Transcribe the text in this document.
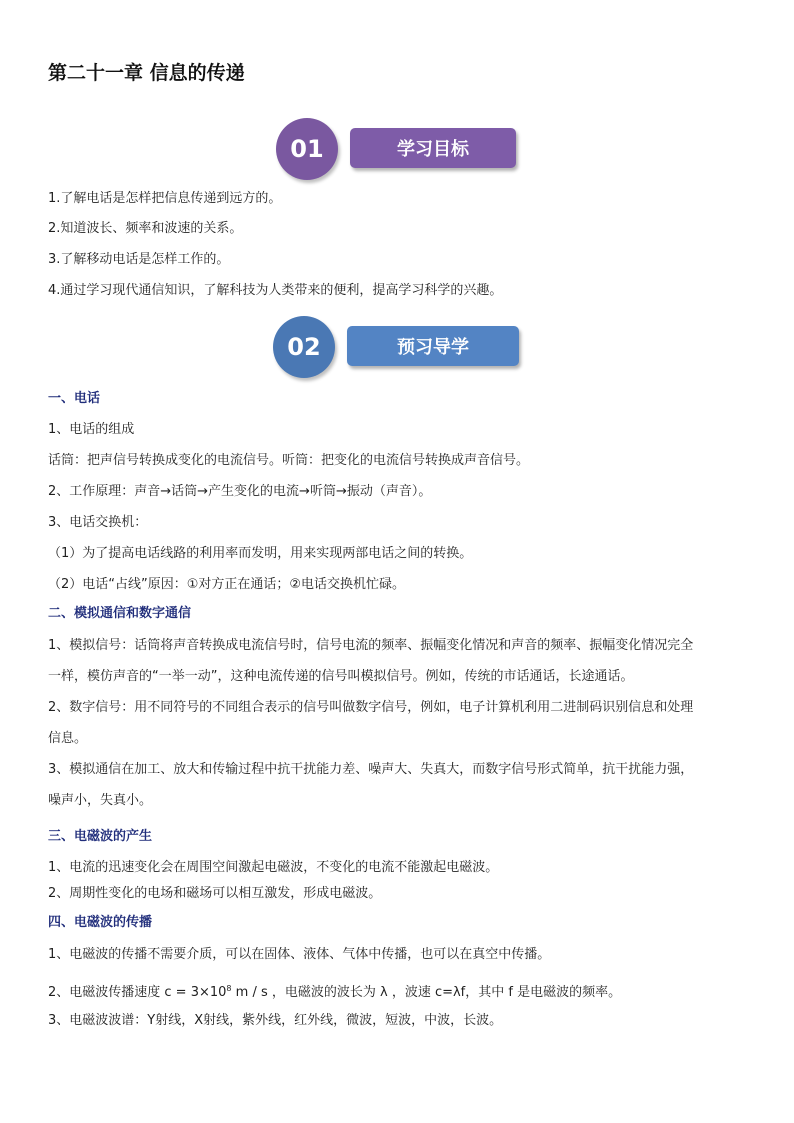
第二十一章 信息的传递
学习目标
01
1.了解电话是怎样把信息传递到远方的。
2.知道波长、频率和波速的关系。
3.了解移动电话是怎样工作的。
4.通过学习现代通信知识，了解科技为人类带来的便利，提高学习科学的兴趣。
预习导学
02
一、电话
1、电话的组成
话筒：把声信号转换成变化的电流信号。听筒：把变化的电流信号转换成声音信号。
2、工作原理：声音→话筒→产生变化的电流→听筒→振动（声音）。
3、电话交换机：
（1）为了提高电话线路的利用率而发明，用来实现两部电话之间的转换。
（2）电话“占线”原因：①对方正在通话；②电话交换机忙碌。
二、模拟通信和数字通信
1、模拟信号：话筒将声音转换成电流信号时，信号电流的频率、振幅变化情况和声音的频率、振幅变化情况完全
一样，模仿声音的“一举一动”，这种电流传递的信号叫模拟信号。例如，传统的市话通话，长途通话。
2、数字信号：用不同符号的不同组合表示的信号叫做数字信号，例如，电子计算机利用二进制码识别信息和处理
信息。
3、模拟通信在加工、放大和传输过程中抗干扰能力差、噪声大、失真大，而数字信号形式简单，抗干扰能力强，
噪声小，失真小。
三、电磁波的产生
1、电流的迅速变化会在周围空间激起电磁波，不变化的电流不能激起电磁波。
2、周期性变化的电场和磁场可以相互激发，形成电磁波。
四、电磁波的传播
1、电磁波的传播不需要介质，可以在固体、液体、气体中传播，也可以在真空中传播。
2、电磁波传播速度 $c = 3\times 10^8$ m / s ，电磁波的波长为 λ ，波速 c=λf，其中 f 是电磁波的频率。
3、电磁波波谱：Y射线，X射线，紫外线，红外线，微波，短波，中波，长波。
